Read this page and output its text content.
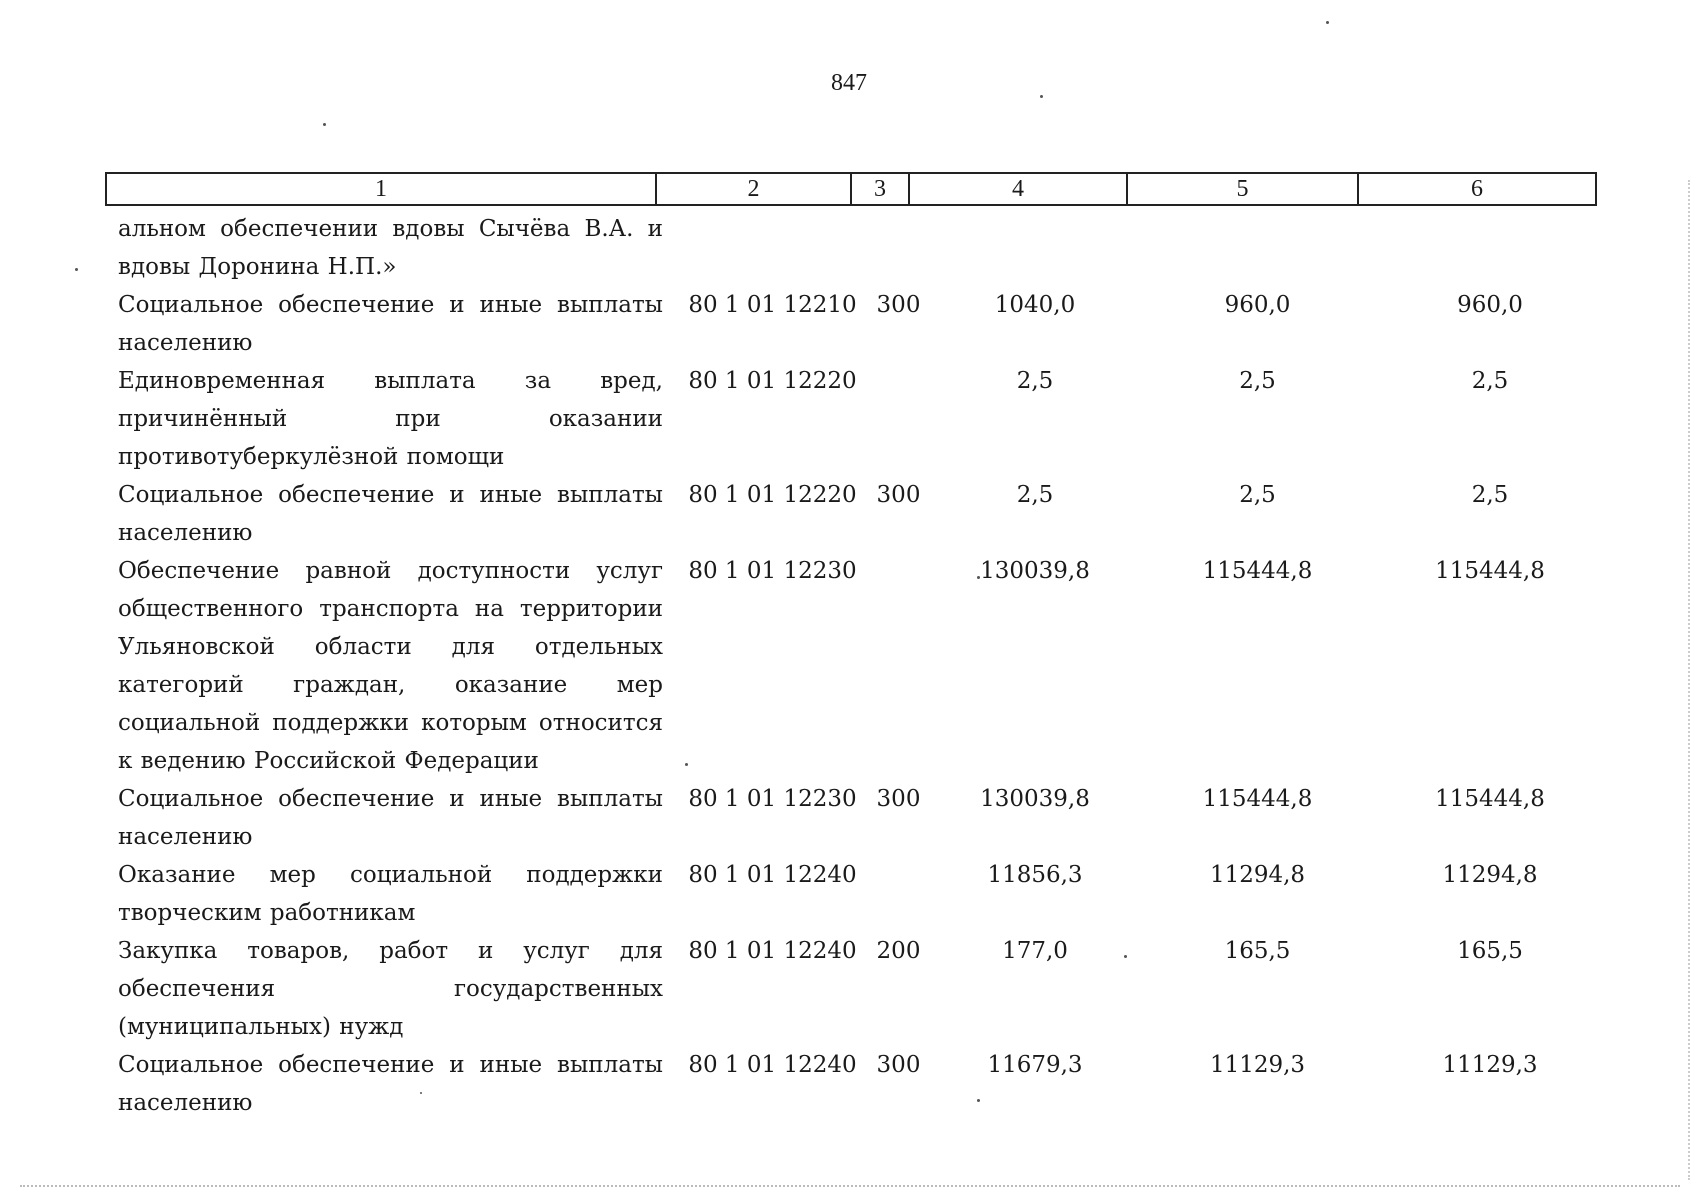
847
1	2	3	4	5	6
альном обеспечении вдовы Сычёва В.А. и вдовы Доронина Н.П.»					
Социальное обеспечение и иные выплаты населению	80 1 01 12210	300	1040,0	960,0	960,0
Единовременная выплата за вред, причинённый при оказании противотуберкулёзной помощи	80 1 01 12220		2,5	2,5	2,5
Социальное обеспечение и иные выплаты населению	80 1 01 12220	300	2,5	2,5	2,5
Обеспечение равной доступности услуг общественного транспорта на территории Ульяновской области для отдельных категорий граждан, оказание мер социальной поддержки которым относится к ведению Российской Федерации	80 1 01 12230		130039,8	115444,8	115444,8
Социальное обеспечение и иные выплаты населению	80 1 01 12230	300	130039,8	115444,8	115444,8
Оказание мер социальной поддержки творческим работникам	80 1 01 12240		11856,3	11294,8	11294,8
Закупка товаров, работ и услуг для обеспечения государственных (муниципальных) нужд	80 1 01 12240	200	177,0	165,5	165,5
Социальное обеспечение и иные выплаты населению	80 1 01 12240	300	11679,3	11129,3	11129,3
